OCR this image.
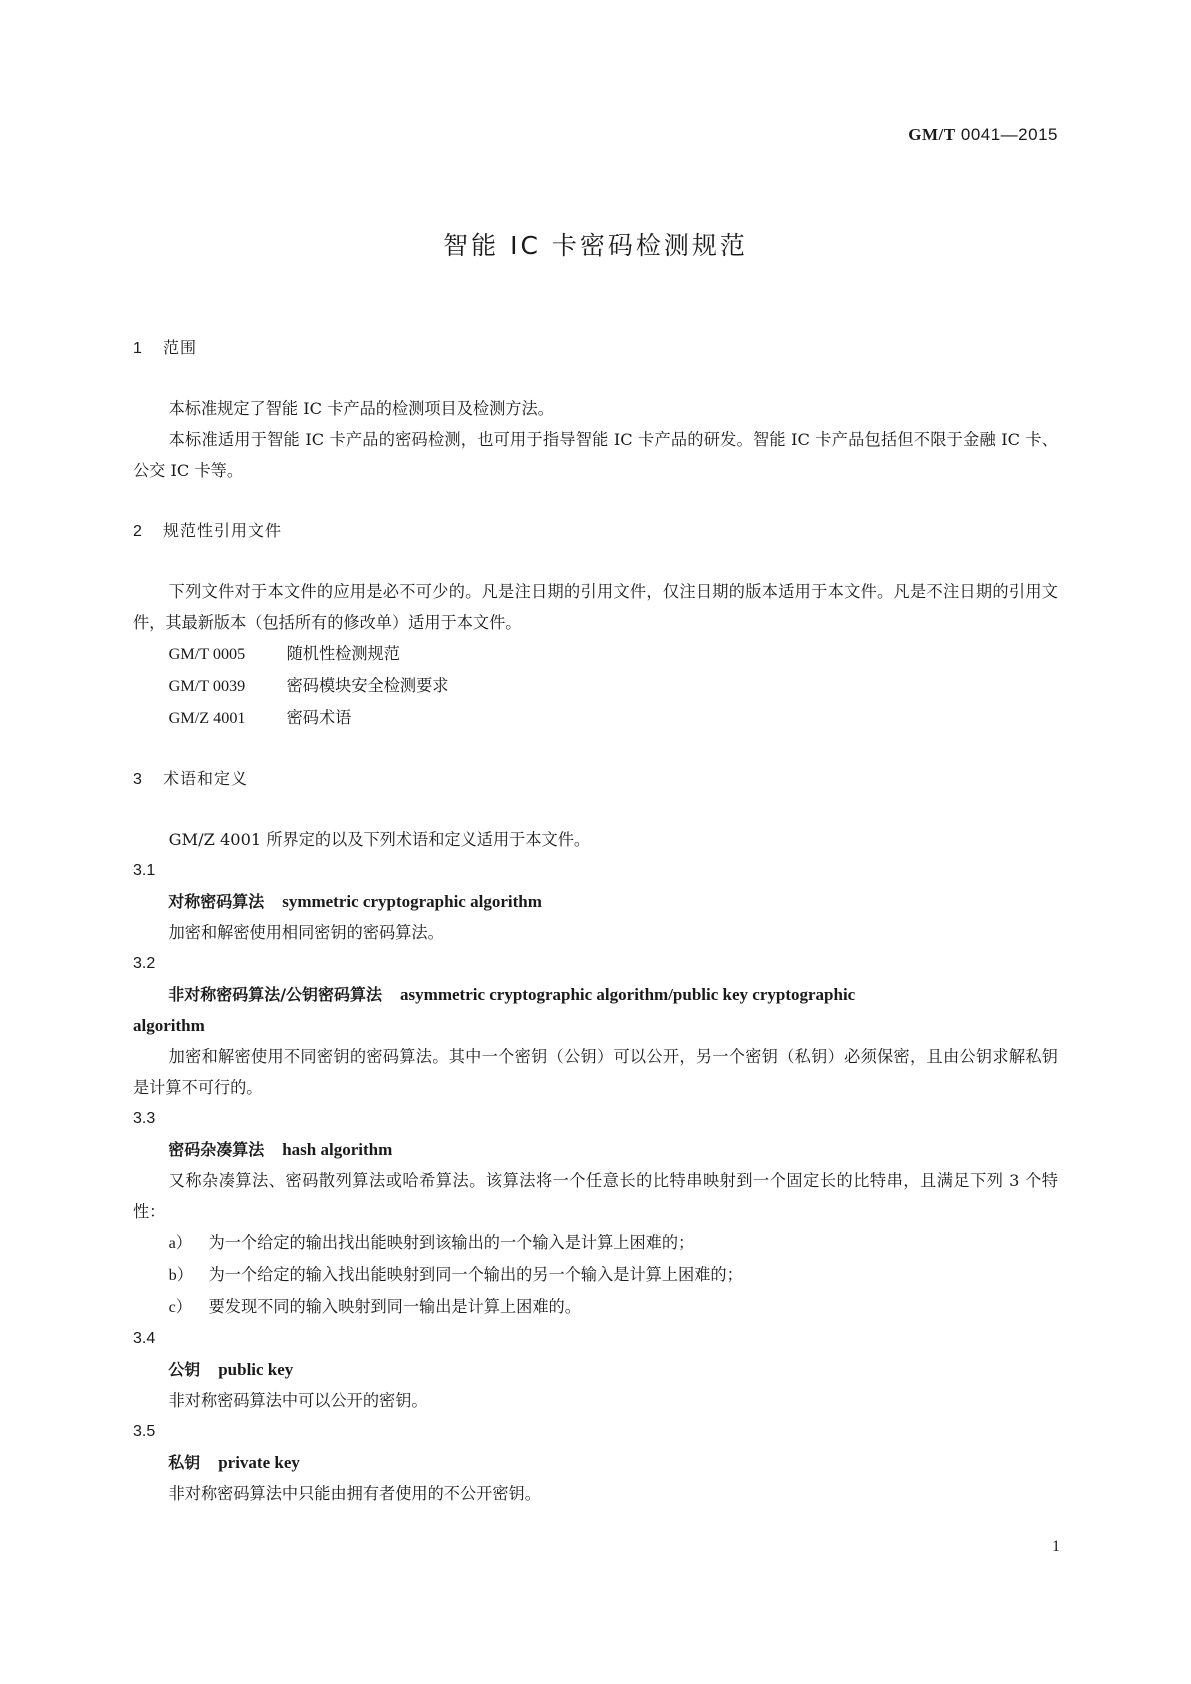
GM/T 0041—2015
智能 IC 卡密码检测规范
1 范围

本标准规定了智能 IC 卡产品的检测项目及检测方法。

本标准适用于智能 IC 卡产品的密码检测，也可用于指导智能 IC 卡产品的研发。智能 IC 卡产品包括但不限于金融 IC 卡、公交 IC 卡等。

2 规范性引用文件

下列文件对于本文件的应用是必不可少的。凡是注日期的引用文件，仅注日期的版本适用于本文件。凡是不注日期的引用文件，其最新版本（包括所有的修改单）适用于本文件。

GM/T 0005	随机性检测规范

GM/T 0039	密码模块安全检测要求

GM/Z 4001	密码术语

3 术语和定义

GM/Z 4001 所界定的以及下列术语和定义适用于本文件。

3.1

对称密码算法 symmetric cryptographic algorithm

加密和解密使用相同密钥的密码算法。

3.2

非对称密码算法/公钥密码算法 asymmetric cryptographic algorithm/public key cryptographic

algorithm

加密和解密使用不同密钥的密码算法。其中一个密钥（公钥）可以公开，另一个密钥（私钥）必须保密，且由公钥求解私钥是计算不可行的。

3.3

密码杂凑算法 hash algorithm

又称杂凑算法、密码散列算法或哈希算法。该算法将一个任意长的比特串映射到一个固定长的比特串，且满足下列 3 个特性：

a） 为一个给定的输出找出能映射到该输出的一个输入是计算上困难的；

b） 为一个给定的输入找出能映射到同一个输出的另一个输入是计算上困难的；

c） 要发现不同的输入映射到同一输出是计算上困难的。

3.4

公钥 public key

非对称密码算法中可以公开的密钥。

3.5

私钥 private key

非对称密码算法中只能由拥有者使用的不公开密钥。

1
